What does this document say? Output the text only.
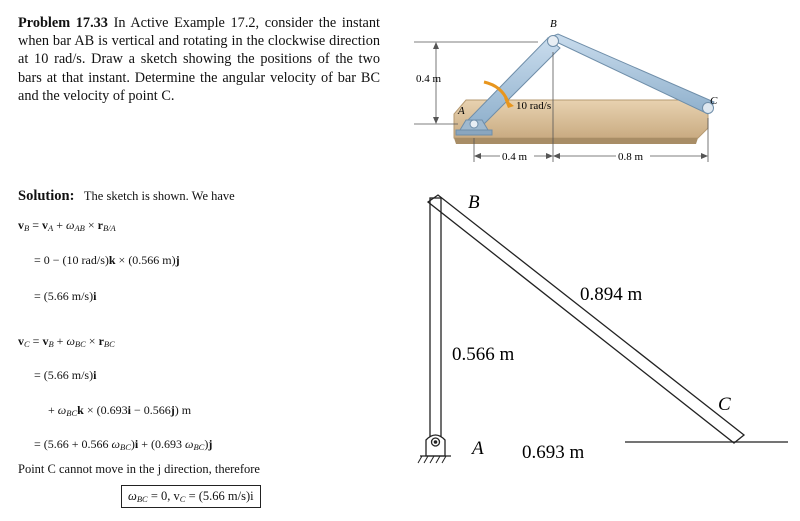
Problem 17.33 In Active Example 17.2, consider the instant when bar AB is vertical and rotating in the clockwise direction at 10 rad/s. Draw a sketch showing the positions of the two bars at that instant. Determine the angular velocity of bar BC and the velocity of point C.
Solution: The sketch is shown. We have
$v_B = v_A + \omega_{AB} \times r_{B/A}$
= 0 − (10 rad/s)k × (0.566 m)j
= (5.66 m/s)i
$v_C = v_B + \omega_{BC} \times r_{BC}$
= (5.66 m/s)i
+ $\omega_{BC}k \times (0.693i - 0.566j)$ m
= (5.66 + 0.566 $\omega_{BC})i + (0.693$ $\omega_{BC})j$
Point C cannot move in the j direction, therefore
$\omega_{BC} = 0$, $v_C = (5.66$ m/s)i
0.4 m
10 rad/s
B
A
C
0.4 m	0.8 m
B
A
C
0.566 m
0.894 m
0.693 m
